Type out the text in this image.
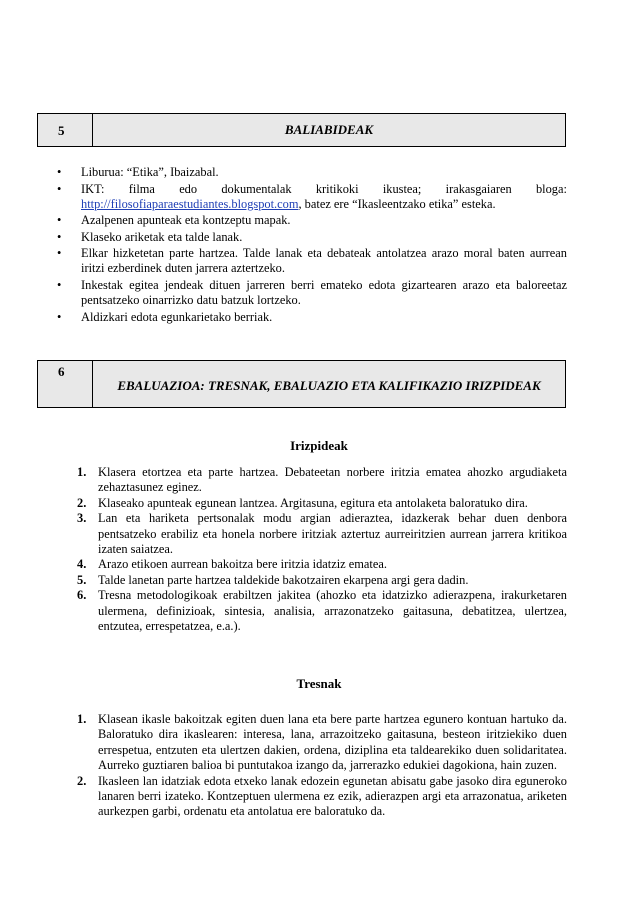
5	BALIABIDEAK
• Liburua: “Etika”, Ibaizabal.
• IKT: filma edo dokumentalak kritikoki ikustea; irakasgaiaren bloga:
http://filosofiaparaestudiantes.blogspot.com, batez ere “Ikasleentzako etika” esteka.
• Azalpenen apunteak eta kontzeptu mapak.
• Klaseko ariketak eta talde lanak.
• Elkar hizketetan parte hartzea. Talde lanak eta debateak antolatzea arazo moral baten aurrean iritzi ezberdinek duten jarrera aztertzeko.
• Inkestak egitea jendeak dituen jarreren berri emateko edota gizartearen arazo eta baloreetaz pentsatzeko oinarrizko datu batzuk lortzeko.
• Aldizkari edota egunkarietako berriak.
6
EBALUAZIOA: TRESNAK, EBALUAZIO ETA KALIFIKAZIO IRIZPIDEAK
Irizpideak
1. Klasera etortzea eta parte hartzea. Debateetan norbere iritzia ematea ahozko argudiaketa zehaztasunez eginez.
2. Klaseako apunteak egunean lantzea. Argitasuna, egitura eta antolaketa baloratuko dira.
3. Lan eta hariketa pertsonalak modu argian adieraztea, idazkerak behar duen denbora pentsatzeko erabiliz eta honela norbere iritziak aztertuz aurreiritzien aurrean jarrera kritikoa izaten saiatzea.
4. Arazo etikoen aurrean bakoitza bere iritzia idatziz ematea.
5. Talde lanetan parte hartzea taldekide bakotzairen ekarpena argi gera dadin.
6. Tresna metodologikoak erabiltzen jakitea (ahozko eta idatzizko adierazpena, irakurketaren ulermena, definizioak, sintesia, analisia, arrazonatzeko gaitasuna, debatitzea, ulertzea, entzutea, errespetatzea, e.a.).
Tresnak
1. Klasean ikasle bakoitzak egiten duen lana eta bere parte hartzea egunero kontuan hartuko da. Baloratuko dira ikaslearen: interesa, lana, arrazoitzeko gaitasuna, besteon iritziekiko duen errespetua, entzuten eta ulertzen dakien, ordena, diziplina eta taldearekiko duen solidaritatea. Aurreko guztiaren balioa bi puntutakoa izango da, jarrerazko edukiei dagokiona, hain zuzen.
2. Ikasleen lan idatziak edota etxeko lanak edozein egunetan abisatu gabe jasoko dira eguneroko lanaren berri izateko. Kontzeptuen ulermena ez ezik, adierazpen argi eta arrazonatua, ariketen aurkezpen garbi, ordenatu eta antolatua ere baloratuko da.
